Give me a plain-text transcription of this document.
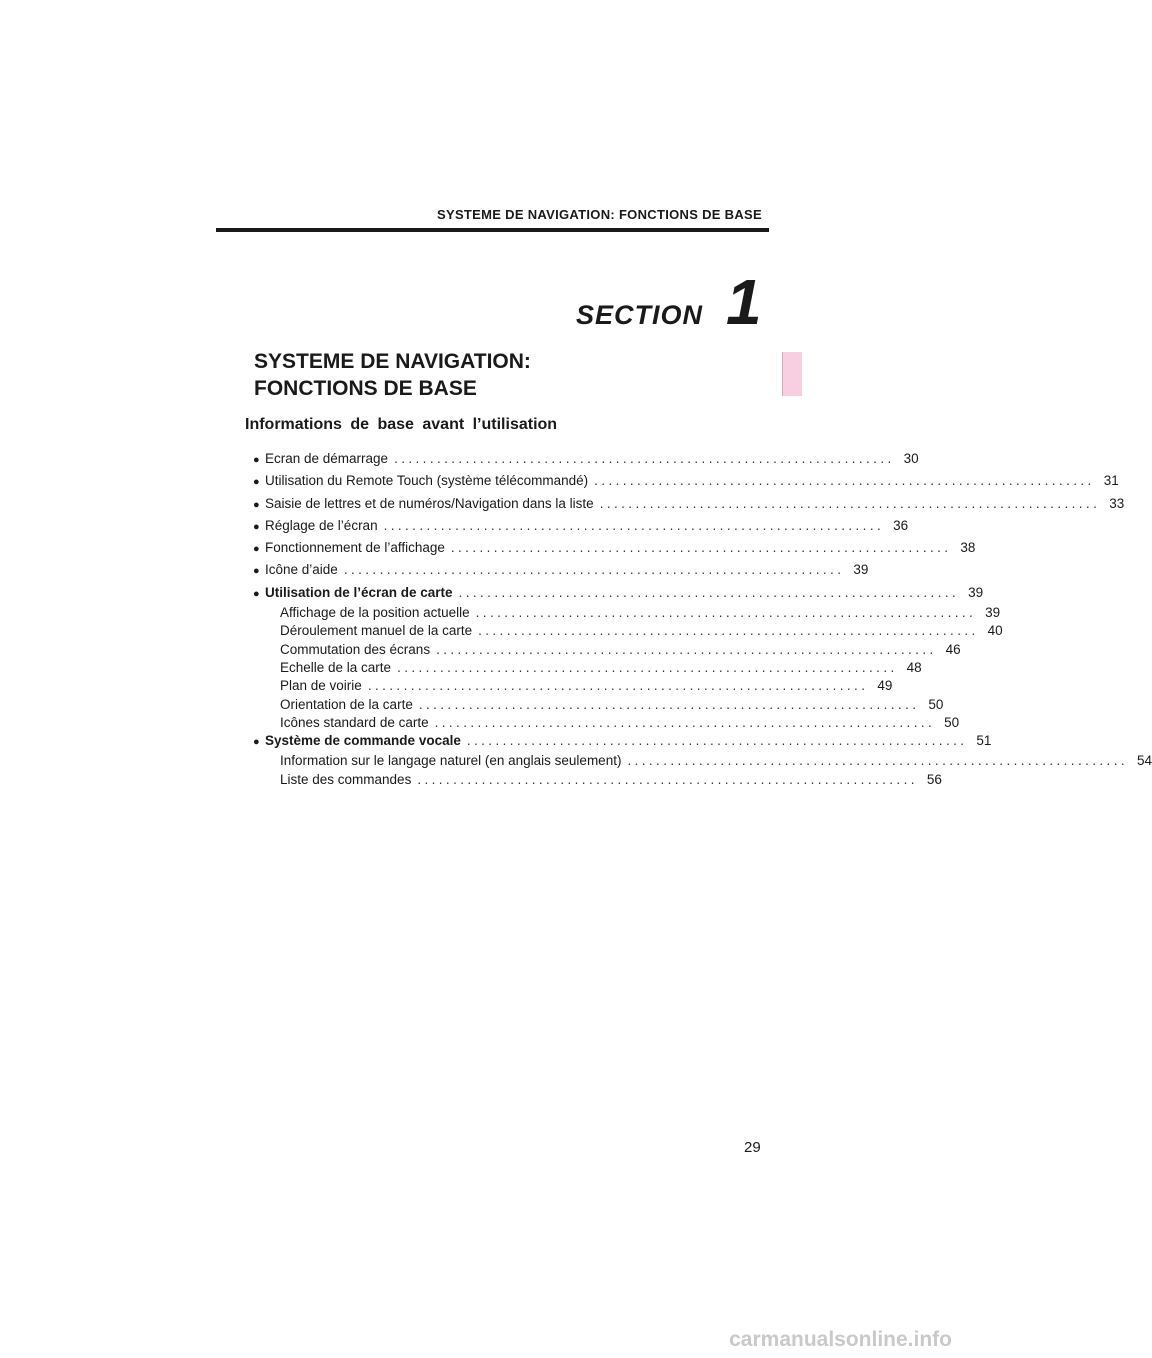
SYSTEME DE NAVIGATION: FONCTIONS DE BASE
SECTION 1
SYSTEME DE NAVIGATION:
FONCTIONS DE BASE
Informations de base avant l’utilisation
● Ecran de démarrage ...................................................................... 30
● Utilisation du Remote Touch (système télécommandé) ...................................................................... 31
● Saisie de lettres et de numéros/Navigation dans la liste ...................................................................... 33
● Réglage de l’écran ...................................................................... 36
● Fonctionnement de l’affichage ...................................................................... 38
● Icône d’aide ...................................................................... 39
● Utilisation de l’écran de carte ...................................................................... 39
Affichage de la position actuelle ...................................................................... 39
Déroulement manuel de la carte ...................................................................... 40
Commutation des écrans ...................................................................... 46
Echelle de la carte ...................................................................... 48
Plan de voirie ...................................................................... 49
Orientation de la carte ...................................................................... 50
Icônes standard de carte ...................................................................... 50
● Système de commande vocale ...................................................................... 51
Information sur le langage naturel (en anglais seulement) ...................................................................... 54
Liste des commandes ...................................................................... 56
29
carmanualsonline.info
